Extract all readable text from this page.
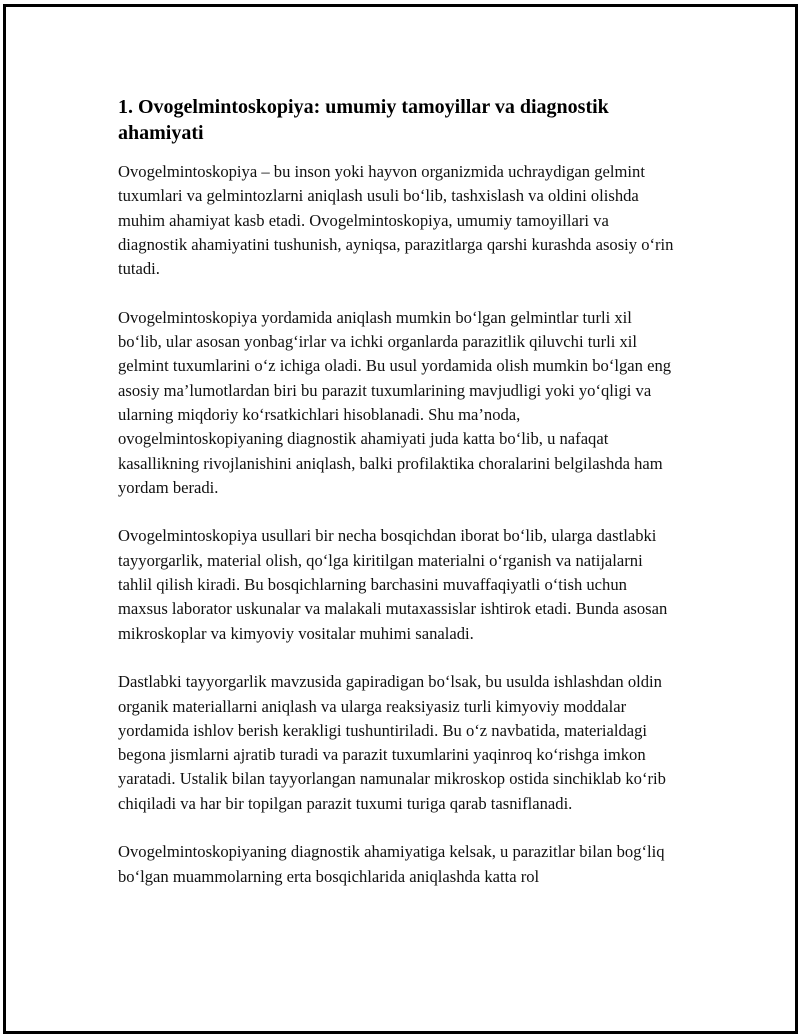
1. Ovogelmintoskopiya: umumiy tamoyillar va diagnostik ahamiyati

Ovogelmintoskopiya – bu inson yoki hayvon organizmida uchraydigan gelmint tuxumlari va gelmintozlarni aniqlash usuli bo‘lib, tashxislash va oldini olishda muhim ahamiyat kasb etadi. Ovogelmintoskopiya, umumiy tamoyillari va diagnostik ahamiyatini tushunish, ayniqsa, parazitlarga qarshi kurashda asosiy o‘rin tutadi.

Ovogelmintoskopiya yordamida aniqlash mumkin bo‘lgan gelmintlar turli xil bo‘lib, ular asosan yonbag‘irlar va ichki organlarda parazitlik qiluvchi turli xil gelmint tuxumlarini o‘z ichiga oladi. Bu usul yordamida olish mumkin bo‘lgan eng asosiy ma’lumotlardan biri bu parazit tuxumlarining mavjudligi yoki yo‘qligi va ularning miqdoriy ko‘rsatkichlari hisoblanadi. Shu ma’noda, ovogelmintoskopiyaning diagnostik ahamiyati juda katta bo‘lib, u nafaqat kasallikning rivojlanishini aniqlash, balki profilaktika choralarini belgilashda ham yordam beradi.

Ovogelmintoskopiya usullari bir necha bosqichdan iborat bo‘lib, ularga dastlabki tayyorgarlik, material olish, qo‘lga kiritilgan materialni o‘rganish va natijalarni tahlil qilish kiradi. Bu bosqichlarning barchasini muvaffaqiyatli o‘tish uchun maxsus laborator uskunalar va malakali mutaxassislar ishtirok etadi. Bunda asosan mikroskoplar va kimyoviy vositalar muhimi sanaladi.

Dastlabki tayyorgarlik mavzusida gapiradigan bo‘lsak, bu usulda ishlashdan oldin organik materiallarni aniqlash va ularga reaksiyasiz turli kimyoviy moddalar yordamida ishlov berish kerakligi tushuntiriladi. Bu o‘z navbatida, materialdagi begona jismlarni ajratib turadi va parazit tuxumlarini yaqinroq ko‘rishga imkon yaratadi. Ustalik bilan tayyorlangan namunalar mikroskop ostida sinchiklab ko‘rib chiqiladi va har bir topilgan parazit tuxumi turiga qarab tasniflanadi.

Ovogelmintoskopiyaning diagnostik ahamiyatiga kelsak, u parazitlar bilan bog‘liq bo‘lgan muammolarning erta bosqichlarida aniqlashda katta rol
